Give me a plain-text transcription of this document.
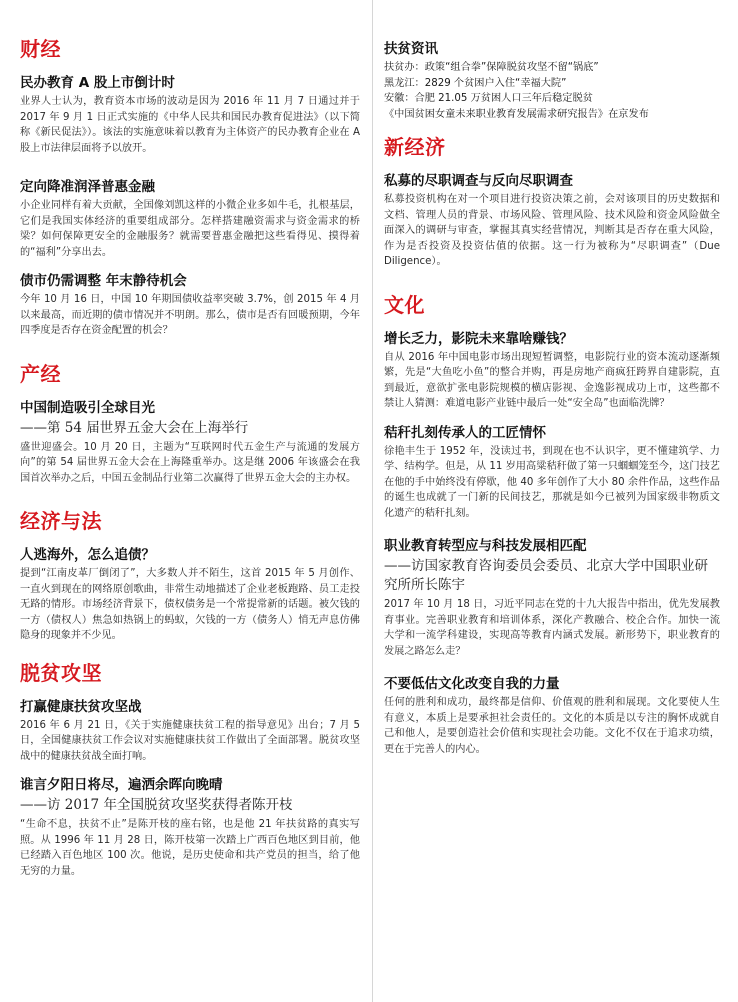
财经
民办教育 A 股上市倒计时

业界人士认为，教育资本市场的波动是因为 2016 年 11 月 7 日通过并于 2017 年 9 月 1 日正式实施的《中华人民共和国民办教育促进法》（以下简称《新民促法》）。该法的实施意味着以教育为主体资产的民办教育企业在 A 股上市法律层面将予以放开。

定向降准润泽普惠金融

小企业同样有着大贡献，全国像刘凯这样的小微企业多如牛毛，扎根基层，它们是我国实体经济的重要组成部分。怎样搭建融资需求与资金需求的桥梁？如何保障更安全的金融服务？就需要普惠金融把这些看得见、摸得着的“福利”分享出去。

债市仍需调整 年末静待机会

今年 10 月 16 日，中国 10 年期国债收益率突破 3.7%，创 2015 年 4 月以来最高，而近期的债市情况并不明朗。那么，债市是否有回暖预期，今年四季度是否存在资金配置的机会？

产经
中国制造吸引全球目光

——第 54 届世界五金大会在上海举行

盛世迎盛会。10 月 20 日，主题为“互联网时代五金生产与流通的发展方向”的第 54 届世界五金大会在上海隆重举办。这是继 2006 年该盛会在我国首次举办之后，中国五金制品行业第二次赢得了世界五金大会的主办权。

经济与法
人逃海外，怎么追债？

提到“江南皮革厂倒闭了”，大多数人并不陌生，这首 2015 年 5 月创作、一直火到现在的网络原创歌曲，非常生动地描述了企业老板跑路、员工走投无路的情形。市场经济背景下，债权债务是一个常提常新的话题。被欠钱的一方（债权人）焦急如热锅上的蚂蚁，欠钱的一方（债务人）悄无声息仿佛隐身的现象并不少见。

脱贫攻坚
打赢健康扶贫攻坚战

2016 年 6 月 21 日，《关于实施健康扶贫工程的指导意见》出台；7 月 5 日，全国健康扶贫工作会议对实施健康扶贫工作做出了全面部署。脱贫攻坚战中的健康扶贫战全面打响。

谁言夕阳日将尽，遍洒余晖向晚晴

——访 2017 年全国脱贫攻坚奖获得者陈开枝

“生命不息，扶贫不止”是陈开枝的座右铭，也是他 21 年扶贫路的真实写照。从 1996 年 11 月 28 日，陈开枝第一次踏上广西百色地区到目前，他已经踏入百色地区 100 次。他说，是历史使命和共产党员的担当，给了他无穷的力量。

扶贫资讯
扶贫办：政策“组合拳”保障脱贫攻坚不留“锅底”
黑龙江：2829 个贫困户入住“幸福大院”
安徽：合肥 21.05 万贫困人口三年后稳定脱贫
《中国贫困女童未来职业教育发展需求研究报告》在京发布
新经济
私募的尽职调查与反向尽职调查

私募投资机构在对一个项目进行投资决策之前，会对该项目的历史数据和文档、管理人员的背景、市场风险、管理风险、技术风险和资金风险做全面深入的调研与审查，掌握其真实经营情况，判断其是否存在重大风险，作为是否投资及投资估值的依据。这一行为被称为“尽职调查”（Due Diligence）。

文化
增长乏力，影院未来靠啥赚钱？

自从 2016 年中国电影市场出现短暂调整，电影院行业的资本流动逐渐频繁，先是“大鱼吃小鱼”的整合并购，再是房地产商疯狂跨界自建影院，直到最近，意欲扩张电影院规模的横店影视、金逸影视成功上市，这些都不禁让人猜测：难道电影产业链中最后一处“安全岛”也面临洗牌？

秸秆扎刻传承人的工匠情怀

徐艳丰生于 1952 年，没读过书，到现在也不认识字，更不懂建筑学、力学、结构学。但是，从 11 岁用高粱秸秆做了第一只蝈蝈笼至今，这门技艺在他的手中始终没有停歇，他 40 多年创作了大小 80 余件作品，这些作品的诞生也成就了一门新的民间技艺，那就是如今已被列为国家级非物质文化遗产的秸秆扎刻。

职业教育转型应与科技发展相匹配

——访国家教育咨询委员会委员、北京大学中国职业研究所所长陈宇

2017 年 10 月 18 日，习近平同志在党的十九大报告中指出，优先发展教育事业。完善职业教育和培训体系，深化产教融合、校企合作。加快一流大学和一流学科建设，实现高等教育内涵式发展。新形势下，职业教育的发展之路怎么走？

不要低估文化改变自我的力量

任何的胜利和成功，最终都是信仰、价值观的胜利和展现。文化要使人生有意义，本质上是要承担社会责任的。文化的本质是以专注的胸怀成就自己和他人，是要创造社会价值和实现社会功能。文化不仅在于追求功绩，更在于完善人的内心。
